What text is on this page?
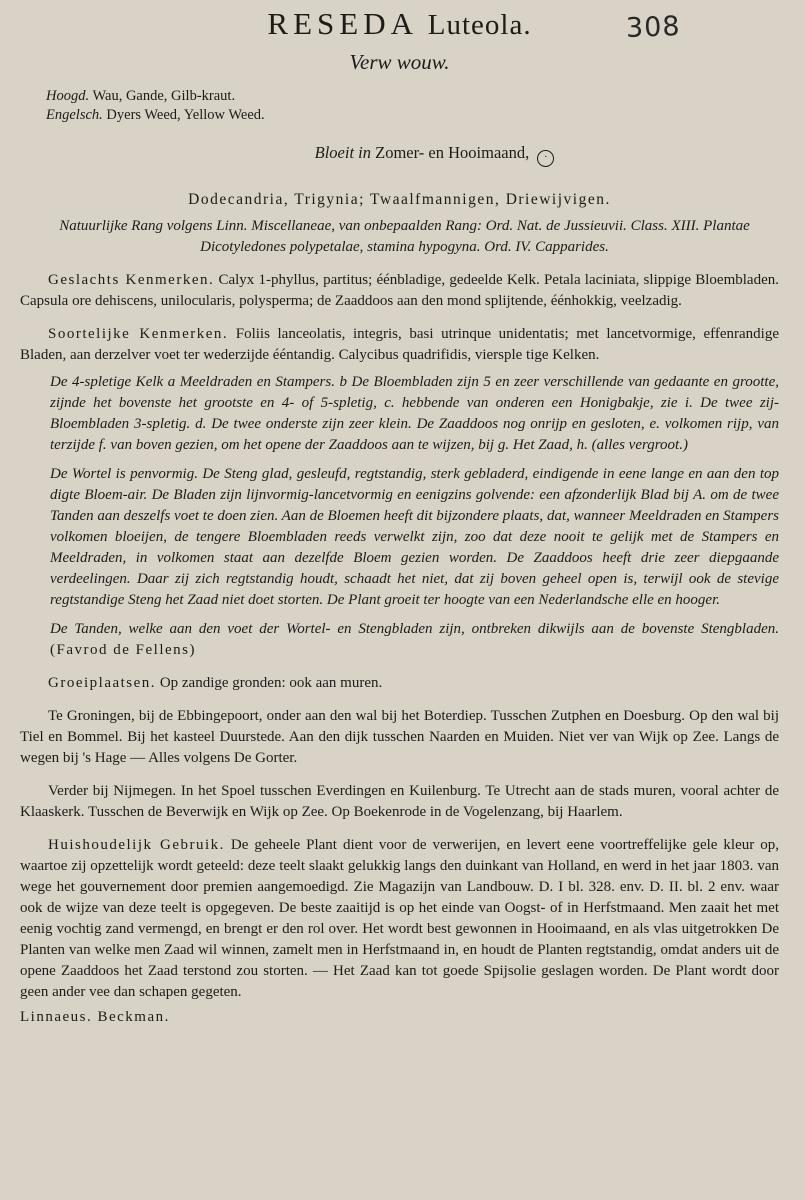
RESEDA Luteola.	308
Verw wouw.
Hoogd. Wau, Gande, Gilb-kraut.
Engelsch. Dyers Weed, Yellow Weed.
Bloeit in Zomer- en Hooimaand, ·
Dodecandria, Trigynia; Twaalfmannigen, Driewijvigen.
Natuurlijke Rang volgens Linn. Miscellaneae, van onbepaalden Rang: Ord. Nat. de Jussieuvii. Class. XIII. Plantae Dicotyledones polypetalae, stamina hypogyna. Ord. IV. Capparides.

Geslachts Kenmerken. Calyx 1-phyllus, partitus; éénbladige, gedeelde Kelk. Petala laciniata, slippige Bloembladen. Capsula ore dehiscens, unilocularis, polysperma; de Zaaddoos aan den mond splijtende, éénhokkig, veelzadig.

Soortelijke Kenmerken. Foliis lanceolatis, integris, basi utrinque unidentatis; met lancetvormige, effenrandige Bladen, aan derzelver voet ter wederzijde ééntandig. Calycibus quadrifidis, viersple tige Kelken.

De 4-spletige Kelk a Meeldraden en Stampers. b De Bloembladen zijn 5 en zeer verschillende van gedaante en grootte, zijnde het bovenste het grootste en 4- of 5-spletig, c. hebbende van onderen een Honigbakje, zie i. De twee zij-Bloembladen 3-spletig. d. De twee onderste zijn zeer klein. De Zaaddoos nog onrijp en gesloten, e. volkomen rijp, van terzijde f. van boven gezien, om het opene der Zaaddoos aan te wijzen, bij g. Het Zaad, h. (alles vergroot.)

De Wortel is penvormig. De Steng glad, gesleufd, regtstandig, sterk gebladerd, eindigende in eene lange en aan den top digte Bloem-air. De Bladen zijn lijnvormig-lancetvormig en eenigzins golvende: een afzonderlijk Blad bij A. om de twee Tanden aan deszelfs voet te doen zien. Aan de Bloemen heeft dit bijzondere plaats, dat, wanneer Meeldraden en Stampers volkomen bloeijen, de tengere Bloembladen reeds verwelkt zijn, zoo dat deze nooit te gelijk met de Stampers en Meeldraden, in volkomen staat aan dezelfde Bloem gezien worden. De Zaaddoos heeft drie zeer diepgaande verdeelingen. Daar zij zich regtstandig houdt, schaadt het niet, dat zij boven geheel open is, terwijl ook de stevige regtstandige Steng het Zaad niet doet storten. De Plant groeit ter hoogte van een Nederlandsche elle en hooger.

De Tanden, welke aan den voet der Wortel- en Stengbladen zijn, ontbreken dikwijls aan de bovenste Stengbladen. (Favrod de Fellens)

Groeiplaatsen. Op zandige gronden: ook aan muren.

Te Groningen, bij de Ebbingepoort, onder aan den wal bij het Boterdiep. Tusschen Zutphen en Doesburg. Op den wal bij Tiel en Bommel. Bij het kasteel Duurstede. Aan den dijk tusschen Naarden en Muiden. Niet ver van Wijk op Zee. Langs de wegen bij 's Hage — Alles volgens De Gorter.

Verder bij Nijmegen. In het Spoel tusschen Everdingen en Kuilenburg. Te Utrecht aan de stads muren, vooral achter de Klaaskerk. Tusschen de Beverwijk en Wijk op Zee. Op Boekenrode in de Vogelenzang, bij Haarlem.

Huishoudelijk Gebruik. De geheele Plant dient voor de verwerijen, en levert eene voortreffelijke gele kleur op, waartoe zij opzettelijk wordt geteeld: deze teelt slaakt gelukkig langs den duinkant van Holland, en werd in het jaar 1803. van wege het gouvernement door premien aangemoedigd. Zie Magazijn van Landbouw. D. I bl. 328. env. D. II. bl. 2 env. waar ook de wijze van deze teelt is opgegeven. De beste zaaitijd is op het einde van Oogst- of in Herfstmaand. Men zaait het met eenig vochtig zand vermengd, en brengt er den rol over. Het wordt best gewonnen in Hooimaand, en als vlas uitgetrokken De Planten van welke men Zaad wil winnen, zamelt men in Herfstmaand in, en houdt de Planten regtstandig, omdat anders uit de opene Zaaddoos het Zaad terstond zou storten. — Het Zaad kan tot goede Spijsolie geslagen worden. De Plant wordt door geen ander vee dan schapen gegeten.

Linnaeus. Beckman.
